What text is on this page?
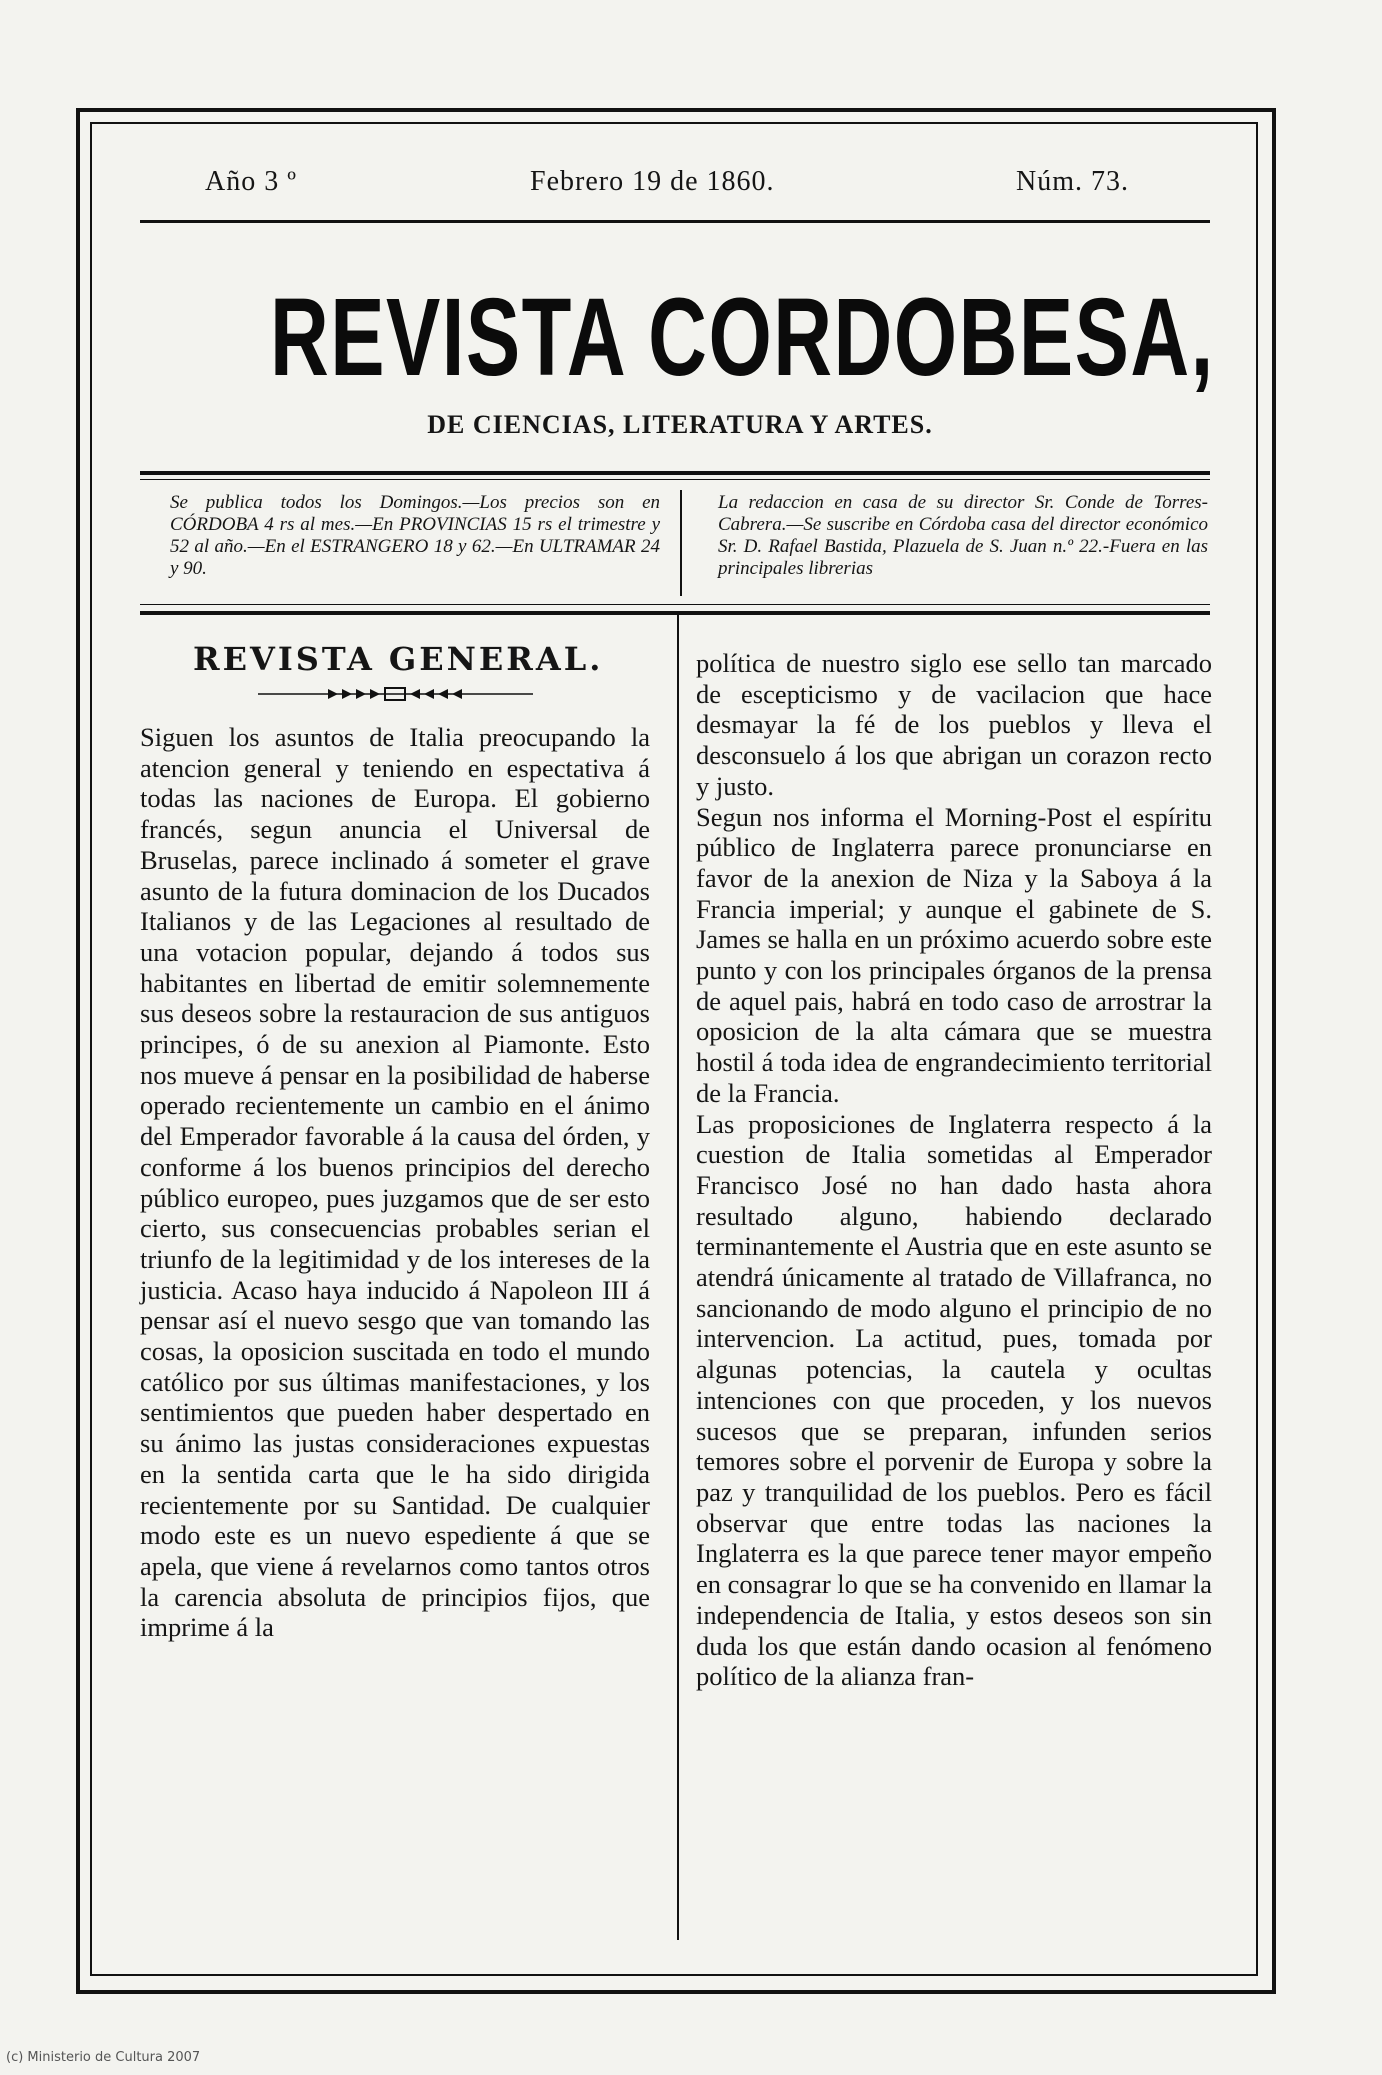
Año 3 º	Febrero 19 de 1860.	Núm. 73.
REVISTA CORDOBESA,
DE CIENCIAS, LITERATURA Y ARTES.
Se publica todos los Domingos.—Los precios son en CÓRDOBA 4 rs al mes.—En PROVINCIAS 15 rs el trimestre y 52 al año.—En el ESTRANGERO 18 y 62.—En ULTRAMAR 24 y 90.
La redaccion en casa de su director Sr. Conde de Torres-Cabrera.—Se suscribe en Córdoba casa del director económico Sr. D. Rafael Bastida, Plazuela de S. Juan n.º 22.-Fuera en las principales librerias
REVISTA GENERAL.
Siguen los asuntos de Italia preocupando la atencion general y teniendo en espectativa á todas las naciones de Europa. El gobierno francés, segun anuncia el Universal de Bruselas, parece inclinado á someter el grave asunto de la futura dominacion de los Ducados Italianos y de las Legaciones al resultado de una votacion popular, dejando á todos sus habitantes en libertad de emitir solemnemente sus deseos sobre la restauracion de sus antiguos principes, ó de su anexion al Piamonte. Esto nos mueve á pensar en la posibilidad de haberse operado recientemente un cambio en el ánimo del Emperador favorable á la causa del órden, y conforme á los buenos principios del derecho público europeo, pues juzgamos que de ser esto cierto, sus consecuencias probables serian el triunfo de la legitimidad y de los intereses de la justicia. Acaso haya inducido á Napoleon III á pensar así el nuevo sesgo que van tomando las cosas, la oposicion suscitada en todo el mundo católico por sus últimas manifestaciones, y los sentimientos que pueden haber despertado en su ánimo las justas consideraciones expuestas en la sentida carta que le ha sido dirigida recientemente por su Santidad. De cualquier modo este es un nuevo espediente á que se apela, que viene á revelarnos como tantos otros la carencia absoluta de principios fijos, que imprime á la
política de nuestro siglo ese sello tan marcado de escepticismo y de vacilacion que hace desmayar la fé de los pueblos y lleva el desconsuelo á los que abrigan un corazon recto y justo.
Segun nos informa el Morning-Post el espíritu público de Inglaterra parece pronunciarse en favor de la anexion de Niza y la Saboya á la Francia imperial; y aunque el gabinete de S. James se halla en un próximo acuerdo sobre este punto y con los principales órganos de la prensa de aquel pais, habrá en todo caso de arrostrar la oposicion de la alta cámara que se muestra hostil á toda idea de engrandecimiento territorial de la Francia.
Las proposiciones de Inglaterra respecto á la cuestion de Italia sometidas al Emperador Francisco José no han dado hasta ahora resultado alguno, habiendo declarado terminantemente el Austria que en este asunto se atendrá únicamente al tratado de Villafranca, no sancionando de modo alguno el principio de no intervencion. La actitud, pues, tomada por algunas potencias, la cautela y ocultas intenciones con que proceden, y los nuevos sucesos que se preparan, infunden serios temores sobre el porvenir de Europa y sobre la paz y tranquilidad de los pueblos. Pero es fácil observar que entre todas las naciones la Inglaterra es la que parece tener mayor empeño en consagrar lo que se ha convenido en llamar la independencia de Italia, y estos deseos son sin duda los que están dando ocasion al fenómeno político de la alianza fran-
(c) Ministerio de Cultura 2007
